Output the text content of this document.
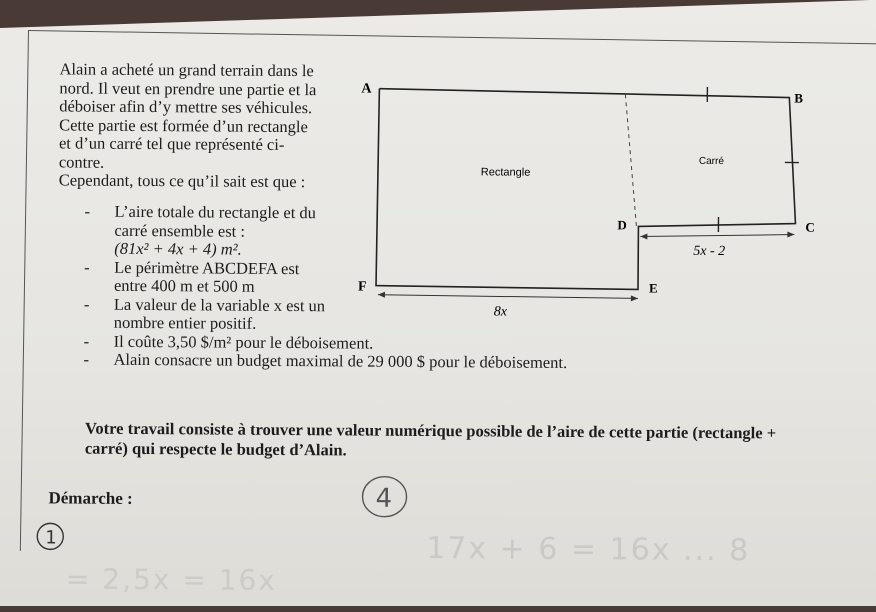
Alain a acheté un grand terrain dans le

nord. Il veut en prendre une partie et la

déboiser afin d’y mettre ses véhicules.

Cette partie est formée d’un rectangle

et d’un carré tel que représenté ci-

contre.

Cependant, tous ce qu’il sait est que :

- L’aire totale du rectangle et du
carré ensemble est :
(81x² + 4x + 4) m².
- Le périmètre ABCDEFA est
entre 400 m et 500 m
- La valeur de la variable x est un
nombre entier positif.
- Il coûte 3,50 $/m² pour le déboisement.
- Alain consacre un budget maximal de 29 000 $ pour le déboisement.
A
B
C
D
E
F
Rectangle
Carré
5x - 2
8x
Votre travail consiste à trouver une valeur numérique possible de l’aire de cette partie (rectangle + carré) qui respecte le budget d’Alain.
Démarche :	4
1	17x + 6 = 16x ... 8
= 2,5x = 16x
